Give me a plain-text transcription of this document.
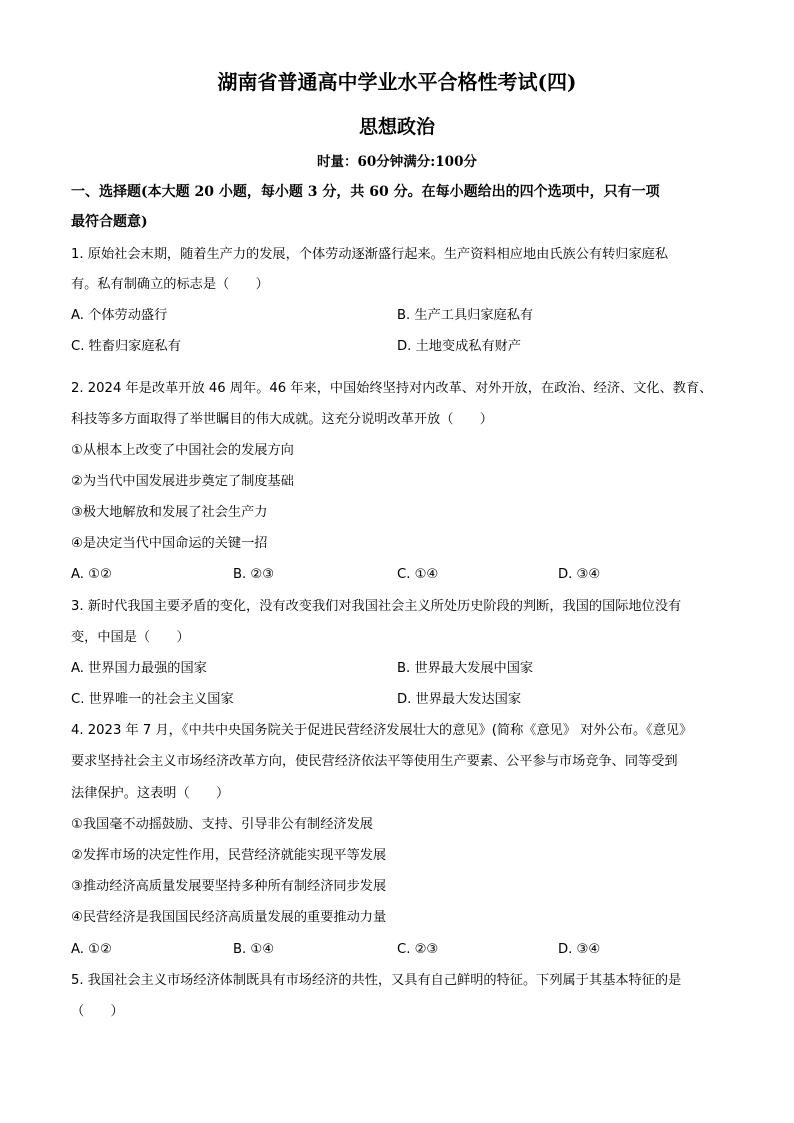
湖南省普通高中学业水平合格性考试(四)
思想政治
时量：60分钟满分:100分
一、选择题(本大题 20 小题，每小题 3 分，共 60 分。在每小题给出的四个选项中，只有一项
最符合题意)
1. 原始社会末期，随着生产力的发展，个体劳动逐渐盛行起来。生产资料相应地由氏族公有转归家庭私
有。私有制确立的标志是（　　）
A. 个体劳动盛行	B. 生产工具归家庭私有
C. 牲畜归家庭私有	D. 土地变成私有财产
2. 2024 年是改革开放 46 周年。46 年来，中国始终坚持对内改革、对外开放，在政治、经济、文化、教育、
科技等多方面取得了举世瞩目的伟大成就。这充分说明改革开放（　　）
①从根本上改变了中国社会的发展方向
②为当代中国发展进步奠定了制度基础
③极大地解放和发展了社会生产力
④是决定当代中国命运的关键一招
A. ①②	B. ②③	C. ①④	D. ③④
3. 新时代我国主要矛盾的变化，没有改变我们对我国社会主义所处历史阶段的判断，我国的国际地位没有
变，中国是（　　）
A. 世界国力最强的国家	B. 世界最大发展中国家
C. 世界唯一的社会主义国家	D. 世界最大发达国家
4. 2023 年 7 月，《中共中央国务院关于促进民营经济发展壮大的意见》(简称《意见》 对外公布。《意见》
要求坚持社会主义市场经济改革方向，使民营经济依法平等使用生产要素、公平参与市场竞争、同等受到
法律保护。这表明（　　）
①我国毫不动摇鼓励、支持、引导非公有制经济发展
②发挥市场的决定性作用，民营经济就能实现平等发展
③推动经济高质量发展要坚持多种所有制经济同步发展
④民营经济是我国国民经济高质量发展的重要推动力量
A. ①②	B. ①④	C. ②③	D. ③④
5. 我国社会主义市场经济体制既具有市场经济的共性，又具有自己鲜明的特征。下列属于其基本特征的是
（　　）
